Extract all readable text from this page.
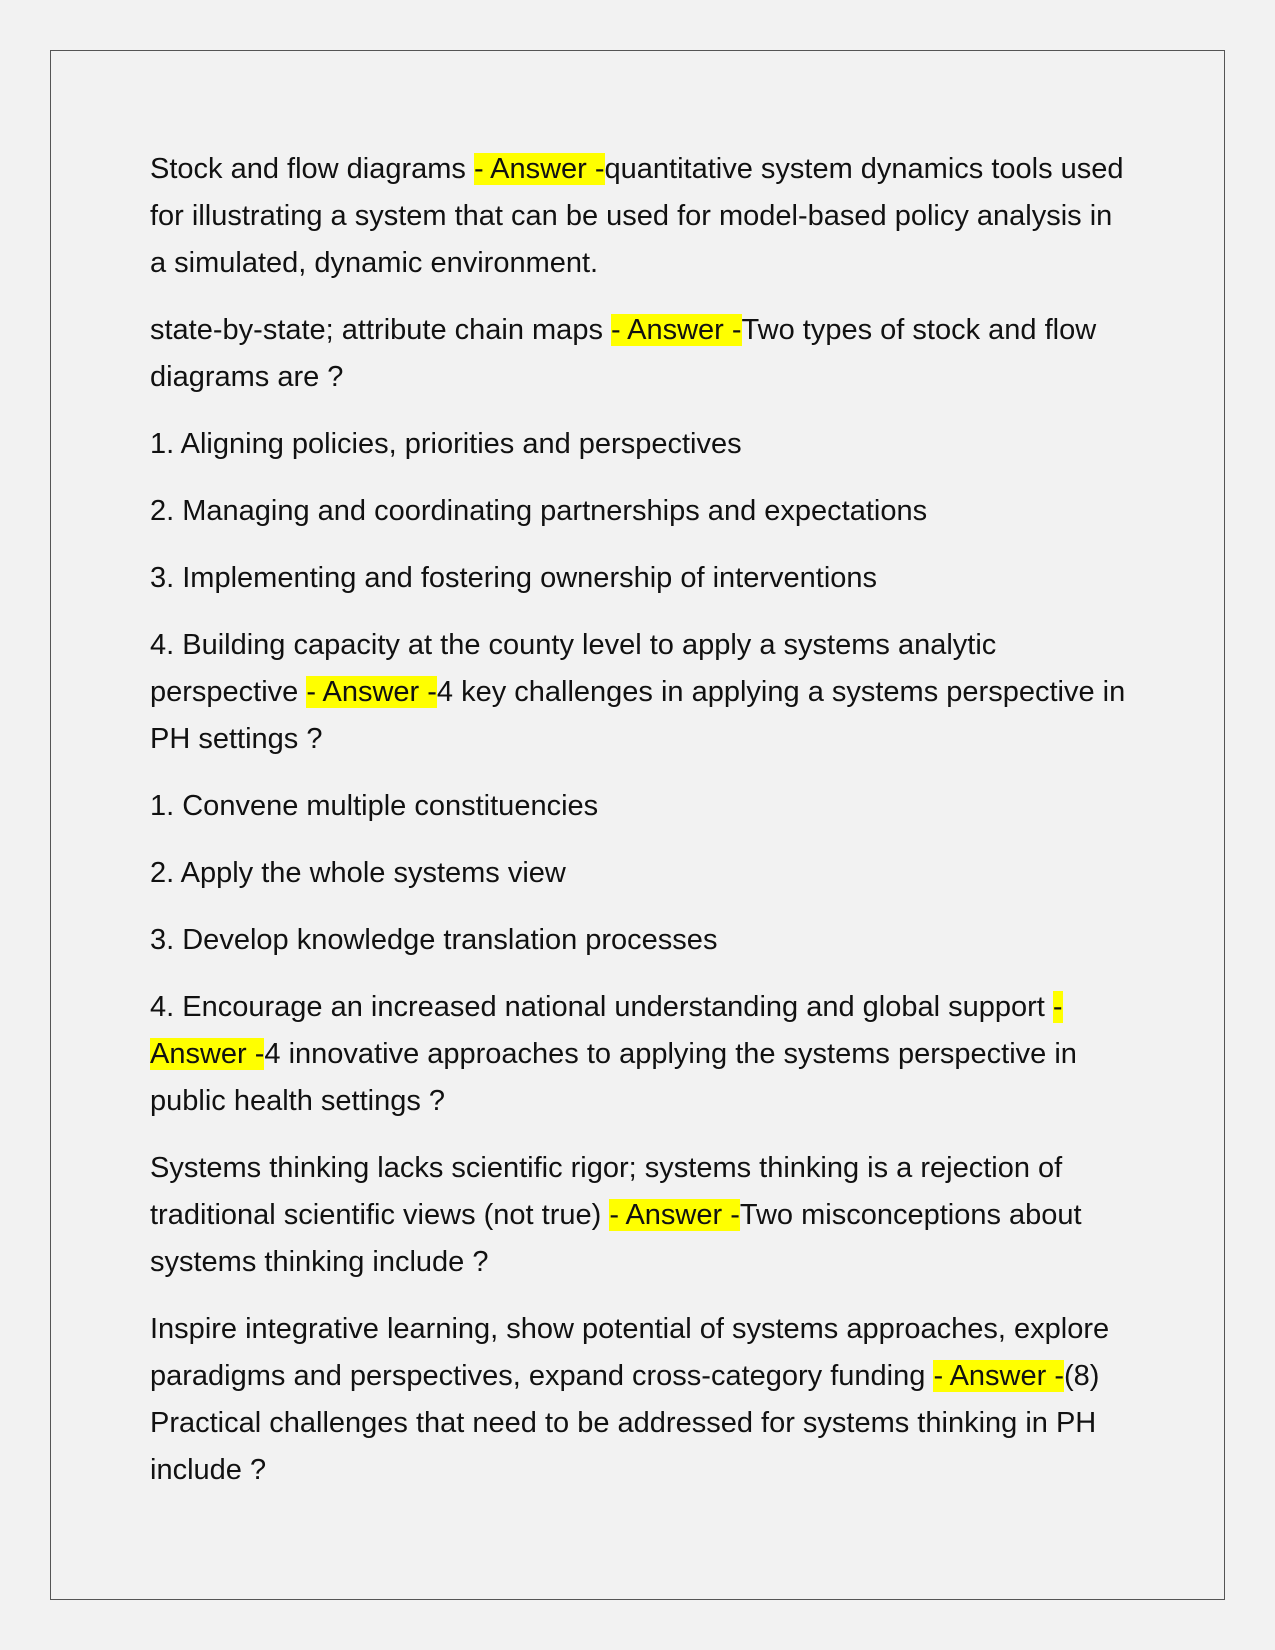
Stock and flow diagrams - Answer -quantitative system dynamics tools used for illustrating a system that can be used for model-based policy analysis in a simulated, dynamic environment.

state-by-state; attribute chain maps - Answer -Two types of stock and flow diagrams are ?

1. Aligning policies, priorities and perspectives

2. Managing and coordinating partnerships and expectations

3. Implementing and fostering ownership of interventions

4. Building capacity at the county level to apply a systems analytic perspective - Answer -4 key challenges in applying a systems perspective in PH settings ?

1. Convene multiple constituencies

2. Apply the whole systems view

3. Develop knowledge translation processes

4. Encourage an increased national understanding and global support - Answer -4 innovative approaches to applying the systems perspective in public health settings ?

Systems thinking lacks scientific rigor; systems thinking is a rejection of traditional scientific views (not true) - Answer -Two misconceptions about systems thinking include ?

Inspire integrative learning, show potential of systems approaches, explore paradigms and perspectives, expand cross-category funding - Answer -(8) Practical challenges that need to be addressed for systems thinking in PH include ?
